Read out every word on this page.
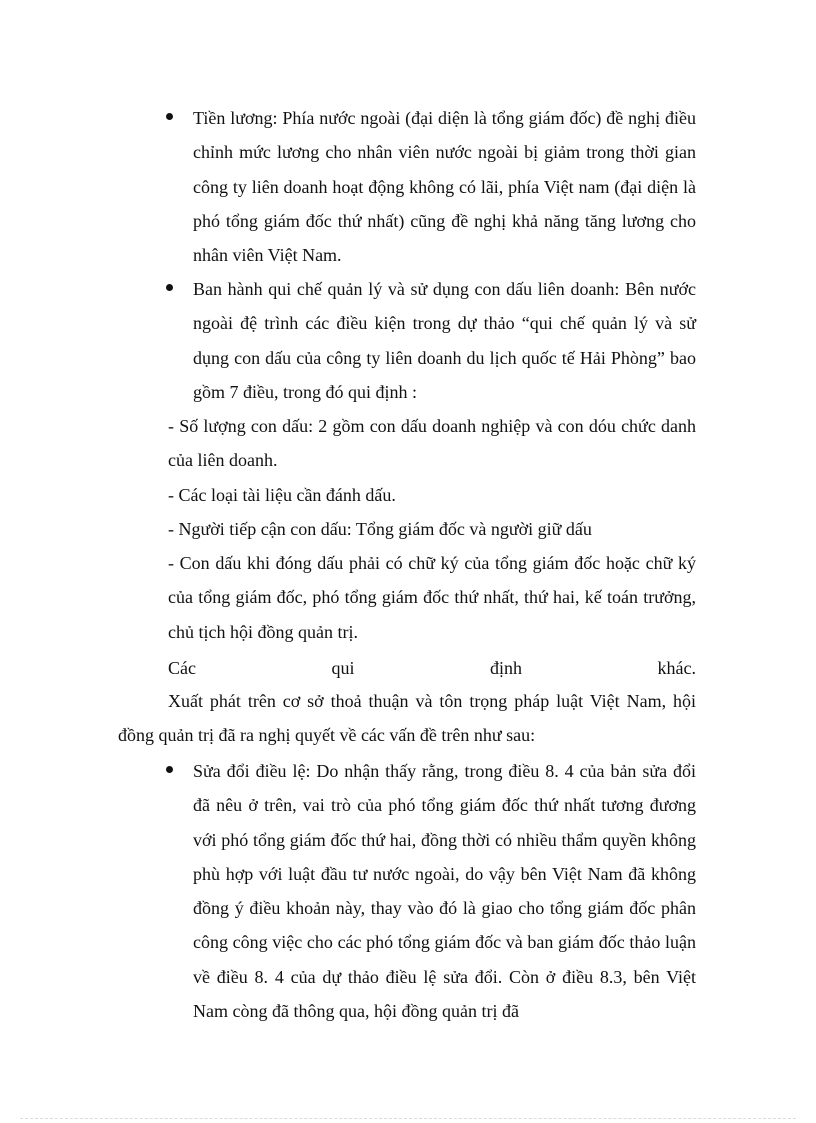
Tiền lương: Phía nước ngoài (đại diện là tổng giám đốc) đề nghị điều chỉnh mức lương cho nhân viên nước ngoài bị giảm trong thời gian công ty liên doanh hoạt động không có lãi, phía Việt nam (đại diện là phó tổng giám đốc thứ nhất) cũng đề nghị khả năng tăng lương cho nhân viên Việt Nam.

Ban hành qui chế quản lý và sử dụng con dấu liên doanh: Bên nước ngoài đệ trình các điều kiện trong dự thảo “qui chế quản lý và sử dụng con dấu của công ty liên doanh du lịch quốc tế Hải Phòng” bao gồm 7 điều, trong đó qui định :

- Số lượng con dấu: 2 gồm con dấu doanh nghiệp và con dóu chức danh của liên doanh.

- Các loại tài liệu cần đánh dấu.

- Người tiếp cận con dấu: Tổng giám đốc và người giữ dấu

- Con dấu khi đóng dấu phải có chữ ký của tổng giám đốc hoặc chữ ký của tổng giám đốc, phó tổng giám đốc thứ nhất, thứ hai, kế toán trưởng, chủ tịch hội đồng quản trị.

Các	qui	định	khác.

Xuất phát trên cơ sở thoả thuận và tôn trọng pháp luật Việt Nam, hội đồng quản trị đã ra nghị quyết về các vấn đề trên như sau:

Sửa đổi điều lệ: Do nhận thấy rằng, trong điều 8. 4 của bản sửa đổi đã nêu ở trên, vai trò của phó tổng giám đốc thứ nhất tương đương với phó tổng giám đốc thứ hai, đồng thời có nhiều thẩm quyền không phù hợp với luật đầu tư nước ngoài, do vậy bên Việt Nam đã không đồng ý điều khoản này, thay vào đó là giao cho tổng giám đốc phân công công việc cho các phó tổng giám đốc và ban giám đốc thảo luận về điều 8. 4 của dự thảo điều lệ sửa đổi. Còn ở điều 8.3, bên Việt Nam còng đã thông qua, hội đồng quản trị đã
